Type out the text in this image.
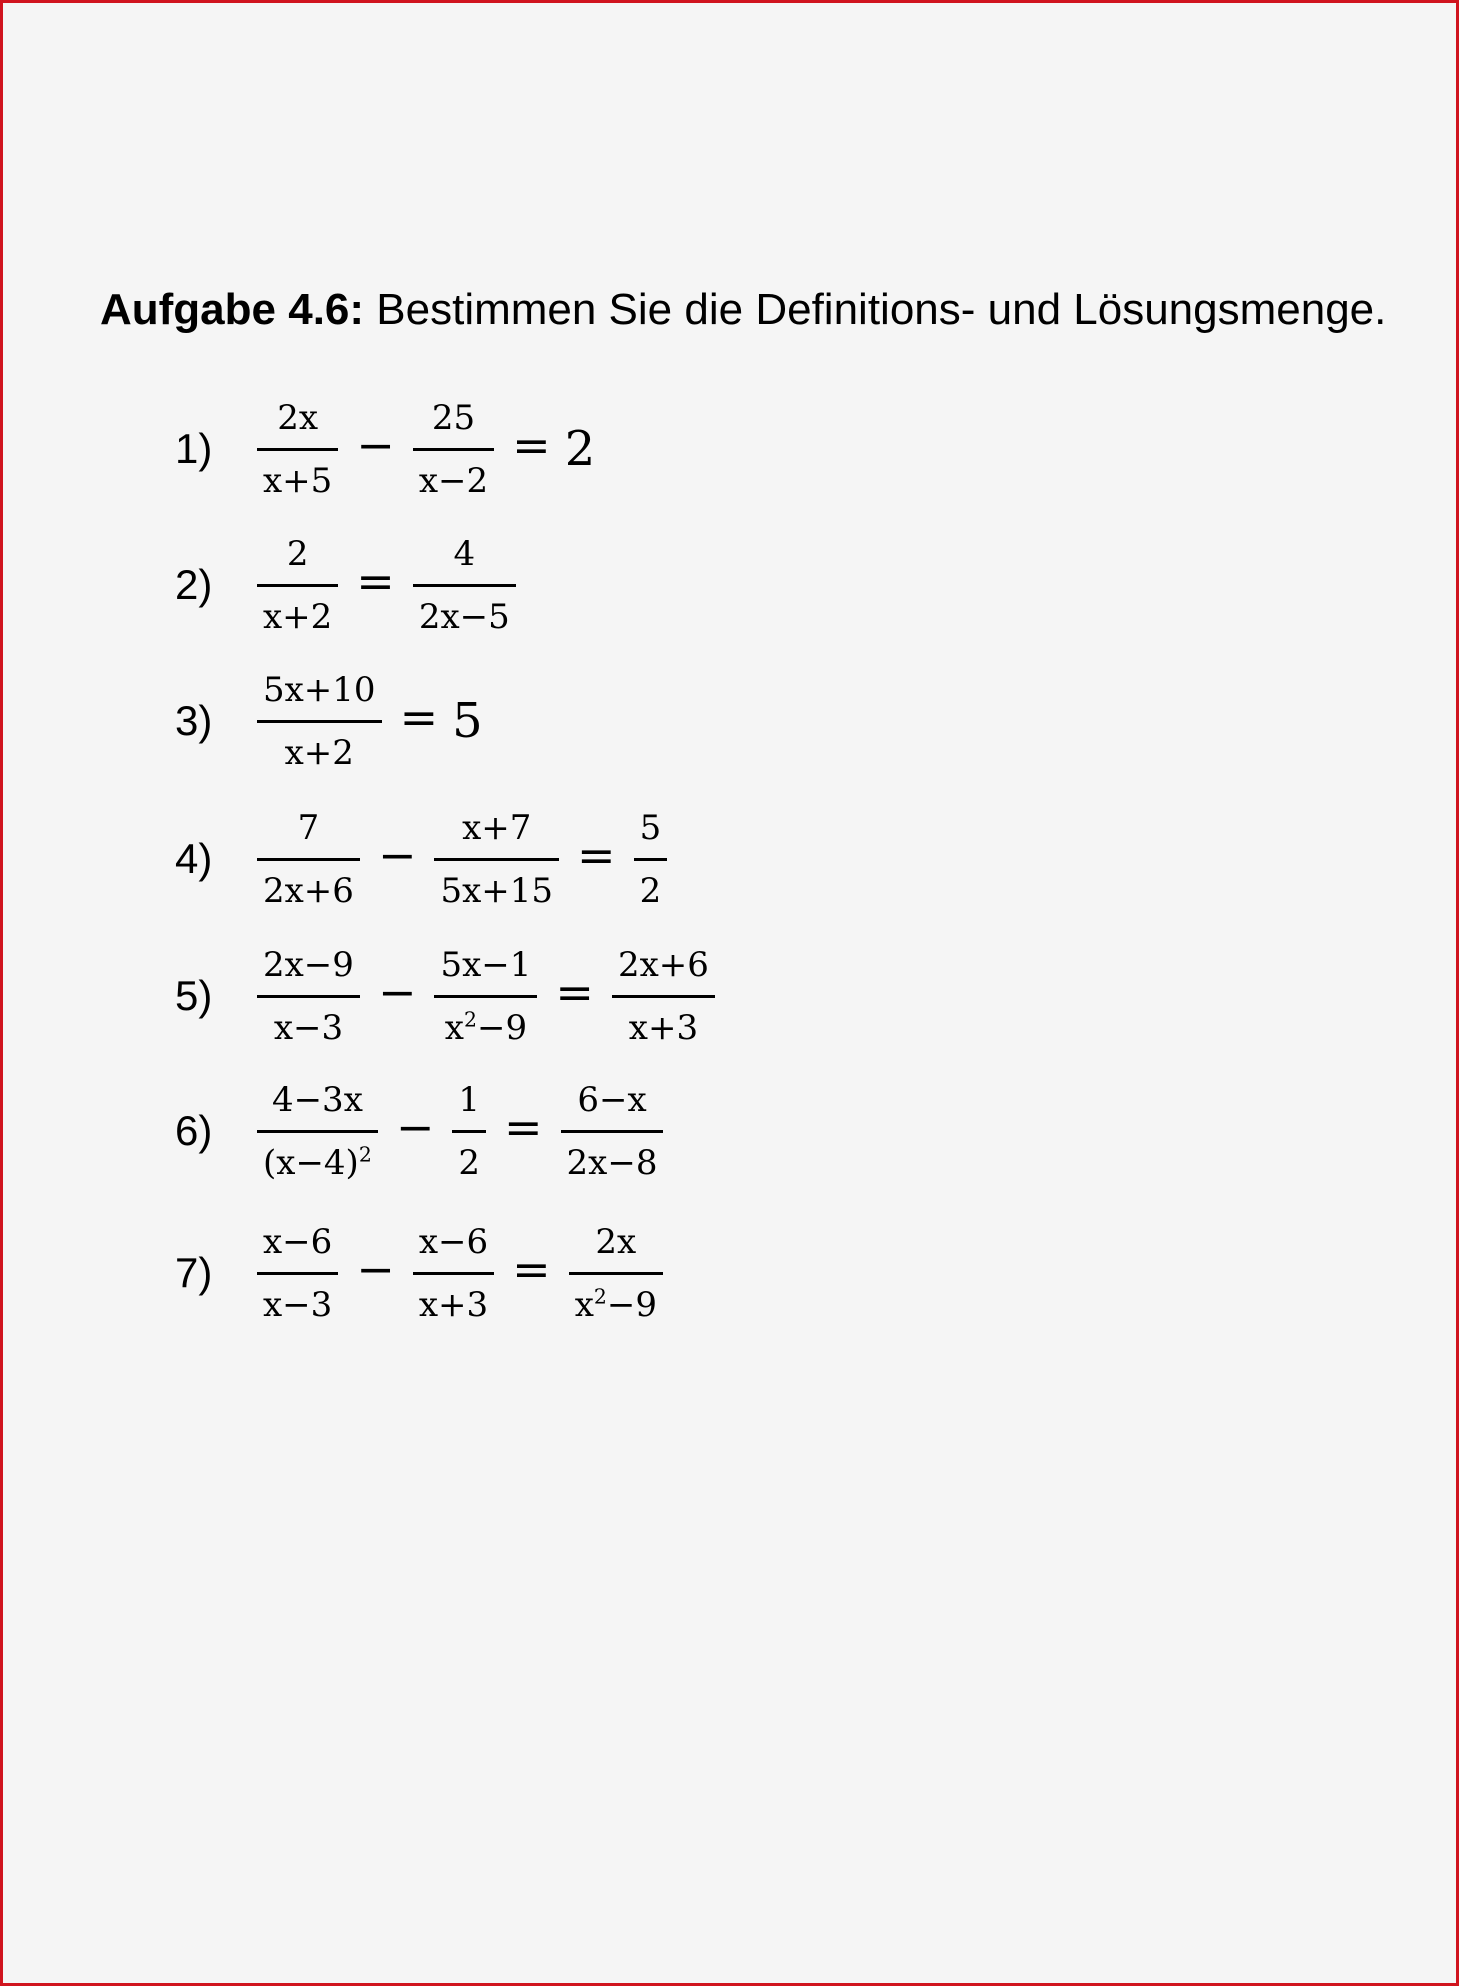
Aufgabe 4.6: Bestimmen Sie die Definitions- und Lösungsmenge.
1)	$\frac{2x}{x+5} - \frac{25}{x-2} = 2$
2)	$\frac{2}{x+2} = \frac{4}{2x-5}$
3)	$\frac{5x+10}{x+2} = 5$
4)	$\frac{7}{2x+6} - \frac{x+7}{5x+15} = \frac{5}{2}$
5)	$\frac{2x-9}{x-3} - \frac{5x-1}{x^2-9} = \frac{2x+6}{x+3}$
6)	$\frac{4-3x}{(x-4)^2} - \frac{1}{2} = \frac{6-x}{2x-8}$
7)	$\frac{x-6}{x-3} - \frac{x-6}{x+3} = \frac{2x}{x^2-9}$
